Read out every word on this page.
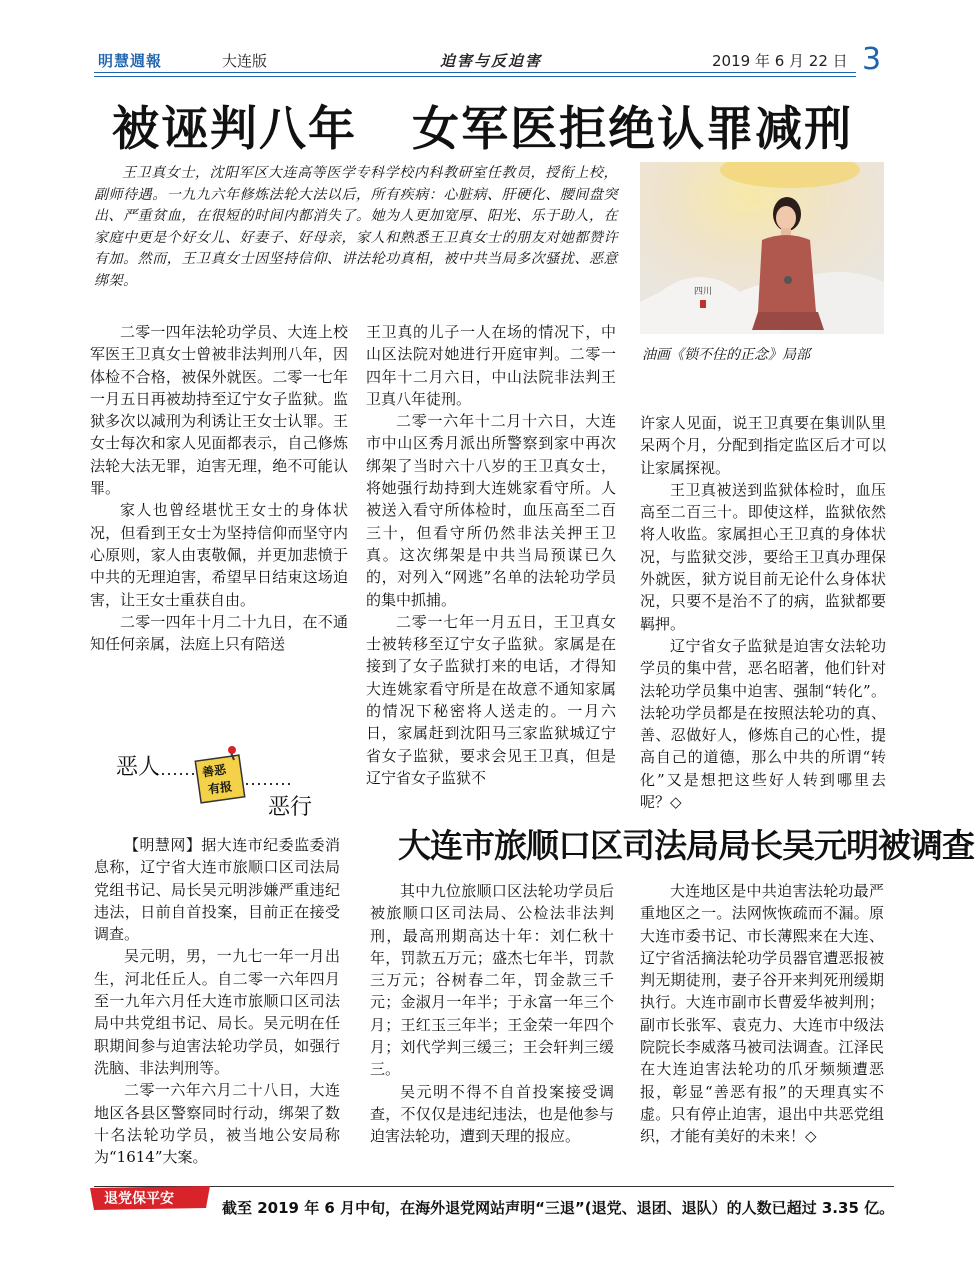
明慧週報	大连版	迫害与反迫害	2019 年 6 月 22 日 3
被诬判八年   女军医拒绝认罪减刑

王卫真女士，沈阳军区大连高等医学专科学校内科教研室任教员，授衔上校，副师待遇。一九九六年修炼法轮大法以后，所有疾病：心脏病、肝硬化、腰间盘突出、严重贫血，在很短的时间内都消失了。她为人更加宽厚、阳光、乐于助人，在家庭中更是个好女儿、好妻子、好母亲，家人和熟悉王卫真女士的朋友对她都赞许有加。然而，王卫真女士因坚持信仰、讲法轮功真相，被中共当局多次骚扰、恶意绑架。

四川
油画《锁不住的正念》局部

二零一四年法轮功学员、大连上校军医王卫真女士曾被非法判刑八年，因体检不合格，被保外就医。二零一七年一月五日再被劫持至辽宁女子监狱。监狱多次以减刑为利诱让王女士认罪。王女士每次和家人见面都表示，自己修炼法轮大法无罪，迫害无理，绝不可能认罪。

家人也曾经堪忧王女士的身体状况，但看到王女士为坚持信仰而坚守内心原则，家人由衷敬佩，并更加悲愤于中共的无理迫害，希望早日结束这场迫害，让王女士重获自由。

二零一四年十月二十九日，在不通知任何亲属，法庭上只有陪送

王卫真的儿子一人在场的情况下，中山区法院对她进行开庭审判。二零一四年十二月六日，中山法院非法判王卫真八年徒刑。

二零一六年十二月十六日，大连市中山区秀月派出所警察到家中再次绑架了当时六十八岁的王卫真女士，将她强行劫持到大连姚家看守所。人被送入看守所体检时，血压高至二百三十，但看守所仍然非法关押王卫真。这次绑架是中共当局预谋已久的，对列入“网逃”名单的法轮功学员的集中抓捕。

二零一七年一月五日，王卫真女士被转移至辽宁女子监狱。家属是在接到了女子监狱打来的电话，才得知大连姚家看守所是在故意不通知家属的情况下秘密将人送走的。一月六日，家属赶到沈阳马三家监狱城辽宁省女子监狱，要求会见王卫真，但是辽宁省女子监狱不

许家人见面，说王卫真要在集训队里呆两个月，分配到指定监区后才可以让家属探视。

王卫真被送到监狱体检时，血压高至二百三十。即使这样，监狱依然将人收监。家属担心王卫真的身体状况，与监狱交涉，要给王卫真办理保外就医，狱方说目前无论什么身体状况，只要不是治不了的病，监狱都要羁押。

辽宁省女子监狱是迫害女法轮功学员的集中营，恶名昭著，他们针对法轮功学员集中迫害、强制“转化”。法轮功学员都是在按照法轮功的真、善、忍做好人，修炼自己的心性，提高自己的道德，那么中共的所谓“转化”又是想把这些好人转到哪里去呢？◇

恶人	善恶
有报
恶行
大连市旅顺口区司法局局长吴元明被调查

【明慧网】据大连市纪委监委消息称，辽宁省大连市旅顺口区司法局党组书记、局长吴元明涉嫌严重违纪违法，日前自首投案，目前正在接受调查。

吴元明，男，一九七一年一月出生，河北任丘人。自二零一六年四月至一九年六月任大连市旅顺口区司法局中共党组书记、局长。吴元明在任职期间参与迫害法轮功学员，如强行洗脑、非法判刑等。

二零一六年六月二十八日，大连地区各县区警察同时行动，绑架了数十名法轮功学员，被当地公安局称为“1614”大案。

其中九位旅顺口区法轮功学员后被旅顺口区司法局、公检法非法判刑，最高刑期高达十年：刘仁秋十年，罚款五万元；盛杰七年半，罚款三万元；谷树春二年，罚金款三千元；金淑月一年半；于永富一年三个月；王红玉三年半；王金荣一年四个月；刘代学判三缓三；王会轩判三缓三。

吴元明不得不自首投案接受调查，不仅仅是违纪违法，也是他参与迫害法轮功，遭到天理的报应。

大连地区是中共迫害法轮功最严重地区之一。法网恢恢疏而不漏。原大连市委书记、市长薄熙来在大连、辽宁省活摘法轮功学员器官遭恶报被判无期徒刑，妻子谷开来判死刑缓期执行。大连市副市长曹爱华被判刑；副市长张军、袁克力、大连市中级法院院长李威落马被司法调查。江泽民在大连迫害法轮功的爪牙频频遭恶报，彰显“善恶有报”的天理真实不虚。只有停止迫害，退出中共恶党组织，才能有美好的未来！◇

退党保平安	截至 2019 年 6 月中旬，在海外退党网站声明“三退”(退党、退团、退队）的人数已超过 3.35 亿。
